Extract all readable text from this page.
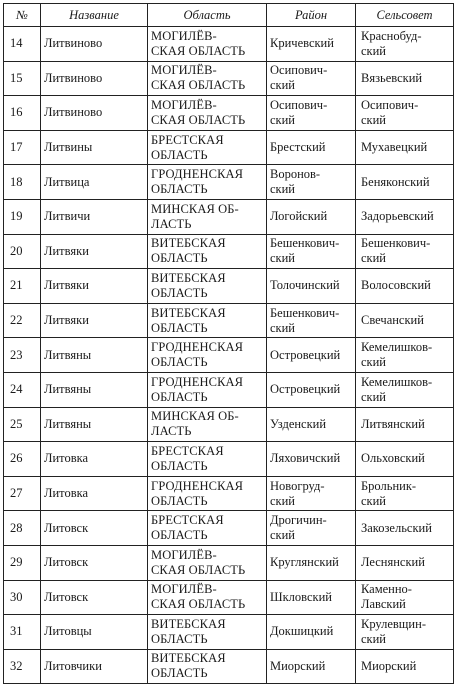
№	Название	Область	Район	Сельсовет
14	Литвиново	МОГИЛЁВ-
СКАЯ ОБЛАСТЬ	Кричевский	Краснобуд-
ский

15	Литвиново	МОГИЛЁВ-
СКАЯ ОБЛАСТЬ	Осипович-
ский	Вязьевский

16	Литвиново	МОГИЛЁВ-
СКАЯ ОБЛАСТЬ	Осипович-
ский	Осипович-
ский

17	Литвины	БРЕСТСКАЯ
ОБЛАСТЬ	Брестский	Мухавецкий

18	Литвица	ГРОДНЕНСКАЯ
ОБЛАСТЬ	Воронов-
ский	Беняконский

19	Литвичи	МИНСКАЯ ОБ-
ЛАСТЬ	Логойский	Задорьевский

20	Литвяки	ВИТЕБСКАЯ
ОБЛАСТЬ	Бешенкович-
ский	Бешенкович-
ский

21	Литвяки	ВИТЕБСКАЯ
ОБЛАСТЬ	Толочинский	Волосовский

22	Литвяки	ВИТЕБСКАЯ
ОБЛАСТЬ	Бешенкович-
ский	Свечанский

23	Литвяны	ГРОДНЕНСКАЯ
ОБЛАСТЬ	Островецкий	Кемелишков-
ский

24	Литвяны	ГРОДНЕНСКАЯ
ОБЛАСТЬ	Островецкий	Кемелишков-
ский

25	Литвяны	МИНСКАЯ ОБ-
ЛАСТЬ	Узденский	Литвянский

26	Литовка	БРЕСТСКАЯ
ОБЛАСТЬ	Ляховичский	Ольховский

27	Литовка	ГРОДНЕНСКАЯ
ОБЛАСТЬ	Новогруд-
ский	Брольник-
ский

28	Литовск	БРЕСТСКАЯ
ОБЛАСТЬ	Дрогичин-
ский	Закозельский

29	Литовск	МОГИЛЁВ-
СКАЯ ОБЛАСТЬ	Круглянский	Леснянский

30	Литовск	МОГИЛЁВ-
СКАЯ ОБЛАСТЬ	Шкловский	Каменно-
Лавский

31	Литовцы	ВИТЕБСКАЯ
ОБЛАСТЬ	Докшицкий	Крулевщин-
ский

32	Литовчики	ВИТЕБСКАЯ
ОБЛАСТЬ	Миорский	Миорский
